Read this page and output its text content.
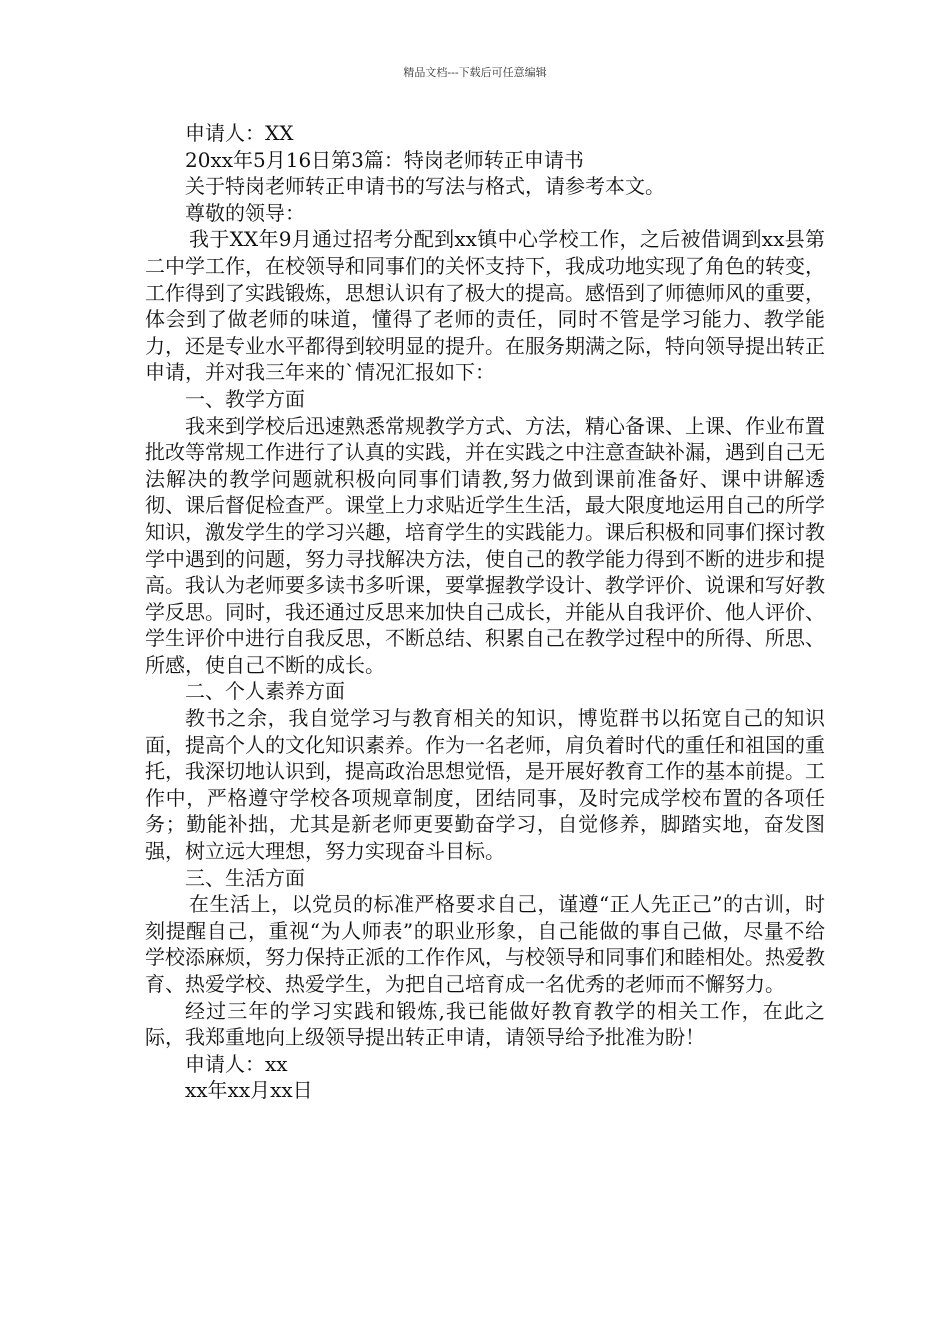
精品文档---下载后可任意编辑
申请人：XX
20xx年5月16日第3篇：特岗老师转正申请书
关于特岗老师转正申请书的写法与格式，请参考本文。
尊敬的领导：

我于XX年9月通过招考分配到xx镇中心学校工作，之后被借调到xx县第二中学工作，在校领导和同事们的关怀支持下，我成功地实现了角色的转变，工作得到了实践锻炼，思想认识有了极大的提高。感悟到了师德师风的重要，体会到了做老师的味道，懂得了老师的责任，同时不管是学习能力、教学能力，还是专业水平都得到较明显的提升。在服务期满之际，特向领导提出转正申请，并对我三年来的`情况汇报如下：

一、教学方面

我来到学校后迅速熟悉常规教学方式、方法，精心备课、上课、作业布置批改等常规工作进行了认真的实践，并在实践之中注意查缺补漏，遇到自己无法解决的教学问题就积极向同事们请教,努力做到课前准备好、课中讲解透彻、课后督促检查严。课堂上力求贴近学生生活，最大限度地运用自己的所学知识，激发学生的学习兴趣，培育学生的实践能力。课后积极和同事们探讨教学中遇到的问题，努力寻找解决方法，使自己的教学能力得到不断的进步和提高。我认为老师要多读书多听课，要掌握教学设计、教学评价、说课和写好教学反思。同时，我还通过反思来加快自己成长，并能从自我评价、他人评价、学生评价中进行自我反思，不断总结、积累自己在教学过程中的所得、所思、所感，使自己不断的成长。

二、个人素养方面

教书之余，我自觉学习与教育相关的知识，博览群书以拓宽自己的知识面，提高个人的文化知识素养。作为一名老师，肩负着时代的重任和祖国的重托，我深切地认识到，提高政治思想觉悟，是开展好教育工作的基本前提。工作中，严格遵守学校各项规章制度，团结同事，及时完成学校布置的各项任务；勤能补拙，尤其是新老师更要勤奋学习，自觉修养，脚踏实地，奋发图强，树立远大理想，努力实现奋斗目标。

三、生活方面

在生活上，以党员的标准严格要求自己，谨遵“正人先正己”的古训，时刻提醒自己，重视“为人师表”的职业形象，自己能做的事自己做，尽量不给学校添麻烦，努力保持正派的工作作风，与校领导和同事们和睦相处。热爱教育、热爱学校、热爱学生，为把自己培育成一名优秀的老师而不懈努力。

经过三年的学习实践和锻炼,我已能做好教育教学的相关工作，在此之际，我郑重地向上级领导提出转正申请，请领导给予批准为盼！

申请人：xx
xx年xx月xx日
